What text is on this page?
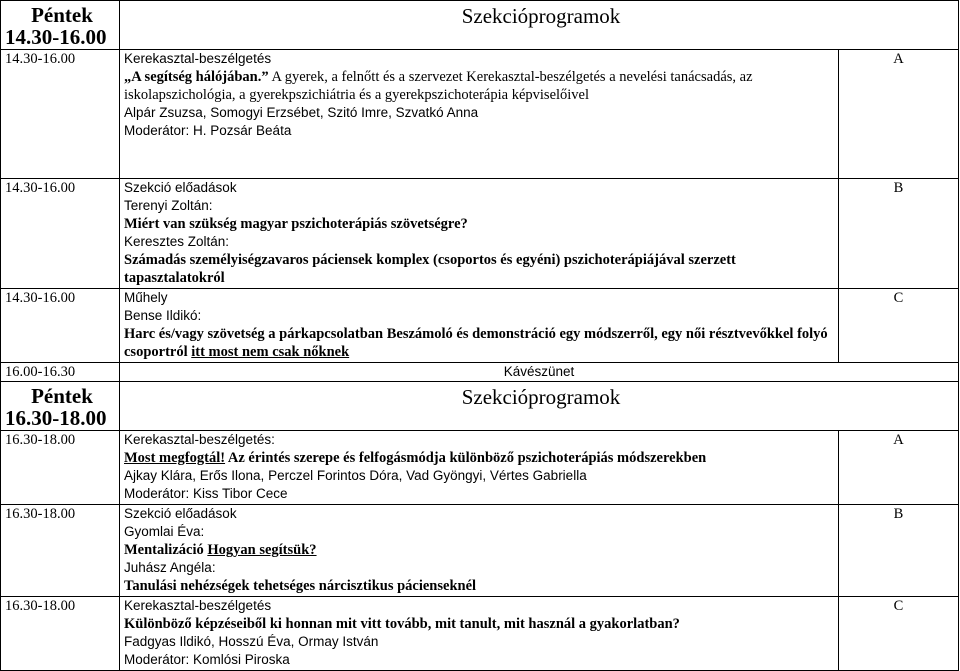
Péntek
14.30-16.00	Szekcióprogramok	
14.30-16.00	Kerekasztal-beszélgetés
„A segítség hálójában.” A gyerek, a felnőtt és a szervezet Kerekasztal-beszélgetés a nevelési tanácsadás, az iskolapszichológia, a gyerekpszichiátria és a gyerekpszichoterápia képviselőivel
Alpár Zsuzsa, Somogyi Erzsébet, Szitó Imre, Szvatkó Anna
Moderátor: H. Pozsár Beáta	A
14.30-16.00	Szekció előadások
Terenyi Zoltán:
Miért van szükség magyar pszichoterápiás szövetségre?
Keresztes Zoltán:
Számadás személyiségzavaros páciensek komplex (csoportos és egyéni) pszichoterápiájával szerzett tapasztalatokról	B
14.30-16.00	Műhely
Bense Ildikó:
Harc és/vagy szövetség a párkapcsolatban Beszámoló és demonstráció egy módszerről, egy női résztvevőkkel folyó csoportról itt most nem csak nőknek	C
16.00-16.30	Kávészünet	

Péntek
16.30-18.00	Szekcióprogramok	
16.30-18.00	Kerekasztal-beszélgetés:
Most megfogtál! Az érintés szerepe és felfogásmódja különböző pszichoterápiás módszerekben
Ajkay Klára, Erős Ilona, Perczel Forintos Dóra, Vad Gyöngyi, Vértes Gabriella
Moderátor: Kiss Tibor Cece	A
16.30-18.00	Szekció előadások
Gyomlai Éva:
Mentalizáció Hogyan segítsük?
Juhász Angéla:
Tanulási nehézségek tehetséges nárcisztikus pácienseknél	B
16.30-18.00	Kerekasztal-beszélgetés
Különböző képzéseiből ki honnan mit vitt tovább, mit tanult, mit használ a gyakorlatban?
Fadgyas Ildikó, Hosszú Éva, Ormay István
Moderátor: Komlósi Piroska	C
